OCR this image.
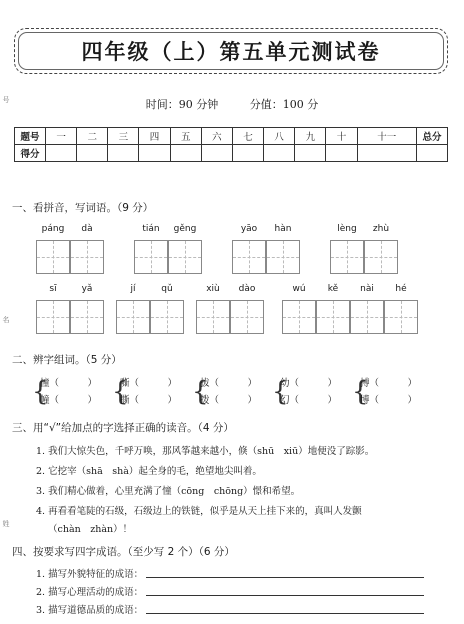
号
名
姓
四年级（上）第五单元测试卷
时间：90 分钟	分值：100 分
题号	一	二	三	四	五	六	七	八	九	十	十一	总分
得分												
一、看拼音，写词语。（9 分）
páng	dà	tián	gěng	yāo	hàn	lèng	zhù
sī	yǎ	jí	qǔ	xiù	dào	wú	kě	nài	hé
二、辨字组词。（5 分）
{
憧（　　　）
幢（　　　） {
嘶（　　　）
撕（　　　） {
拔（　　　）
拨（　　　） {
幼（　　　）
幻（　　　） {
搏（　　　）
博（　　　）
三、用“√”给加点的字选择正确的读音。（4 分）
1. 我们大惊失色，千呼万唤，那风筝越来越小，倏（shū　xiū）地便没了踪影。
2. 它挖宰（shā　shà）起全身的毛，绝望地尖叫着。
3. 我们精心做着，心里充满了憧（cōng　chōng）憬和希望。
4. 再看看笔陡的石级，石级边上的铁链，似乎是从天上挂下来的，真叫人发颤
（chàn　zhàn）！
四、按要求写四字成语。（至少写 2 个）（6 分）
1. 描写外貌特征的成语：
2. 描写心理活动的成语：
3. 描写道德品质的成语：
